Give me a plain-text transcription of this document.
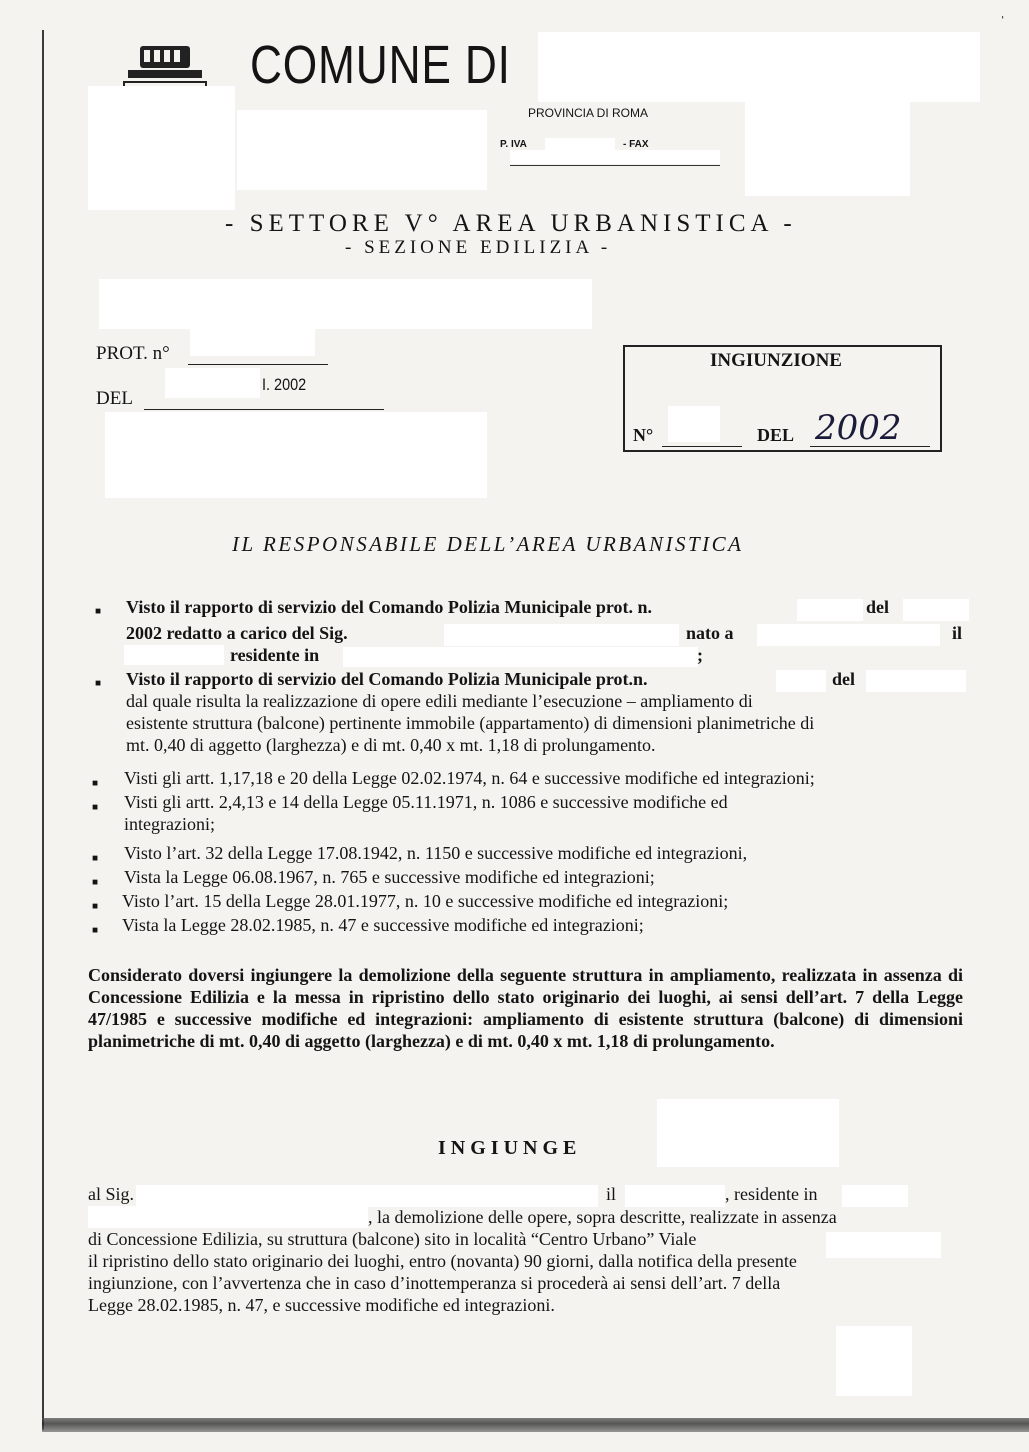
ˈ
COMUNE DI
PROVINCIA DI ROMA
P. IVA	- FAX
- SETTORE V° AREA URBANISTICA -
- SEZIONE EDILIZIA -
PROT. n°
DEL
I. 2002
INGIUNZIONE
N°	DEL 2002
IL RESPONSABILE DELL’AREA URBANISTICA
■ Visto il rapporto di servizio del Comando Polizia Municipale prot. n.	del
2002 redatto a carico del Sig.	nato a	il
residente in	;
■ Visto il rapporto di servizio del Comando Polizia Municipale prot.n.	del
dal quale risulta la realizzazione di opere edili mediante l’esecuzione – ampliamento di
esistente struttura (balcone) pertinente immobile (appartamento) di dimensioni planimetriche di
mt. 0,40 di aggetto (larghezza) e di mt. 0,40 x mt. 1,18 di prolungamento.
■ Visti gli artt. 1,17,18 e 20 della Legge 02.02.1974, n. 64 e successive modifiche ed integrazioni;
■ Visti gli artt. 2,4,13 e 14 della Legge 05.11.1971, n. 1086 e successive modifiche ed
integrazioni;
■ Visto l’art. 32 della Legge 17.08.1942, n. 1150 e successive modifiche ed integrazioni,
■ Vista la Legge 06.08.1967, n. 765 e successive modifiche ed integrazioni;
■ Visto l’art. 15 della Legge 28.01.1977, n. 10 e successive modifiche ed integrazioni;
■ Vista la Legge 28.02.1985, n. 47 e successive modifiche ed integrazioni;
Considerato doversi ingiungere la demolizione della seguente struttura in ampliamento, realizzata in assenza di Concessione Edilizia e la messa in ripristino dello stato originario dei luoghi, ai sensi dell’art. 7 della Legge 47/1985 e successive modifiche ed integrazioni: ampliamento di esistente struttura (balcone) di dimensioni planimetriche di mt. 0,40 di aggetto (larghezza) e di mt. 0,40 x mt. 1,18 di prolungamento.
INGIUNGE
al Sig.	il	, residente in
, la demolizione delle opere, sopra descritte, realizzate in assenza
di Concessione Edilizia, su struttura (balcone) sito in località “Centro Urbano” Viale
il ripristino dello stato originario dei luoghi, entro (novanta) 90 giorni, dalla notifica della presente
ingiunzione, con l’avvertenza che in caso d’inottemperanza si procederà ai sensi dell’art. 7 della
Legge 28.02.1985, n. 47, e successive modifiche ed integrazioni.
